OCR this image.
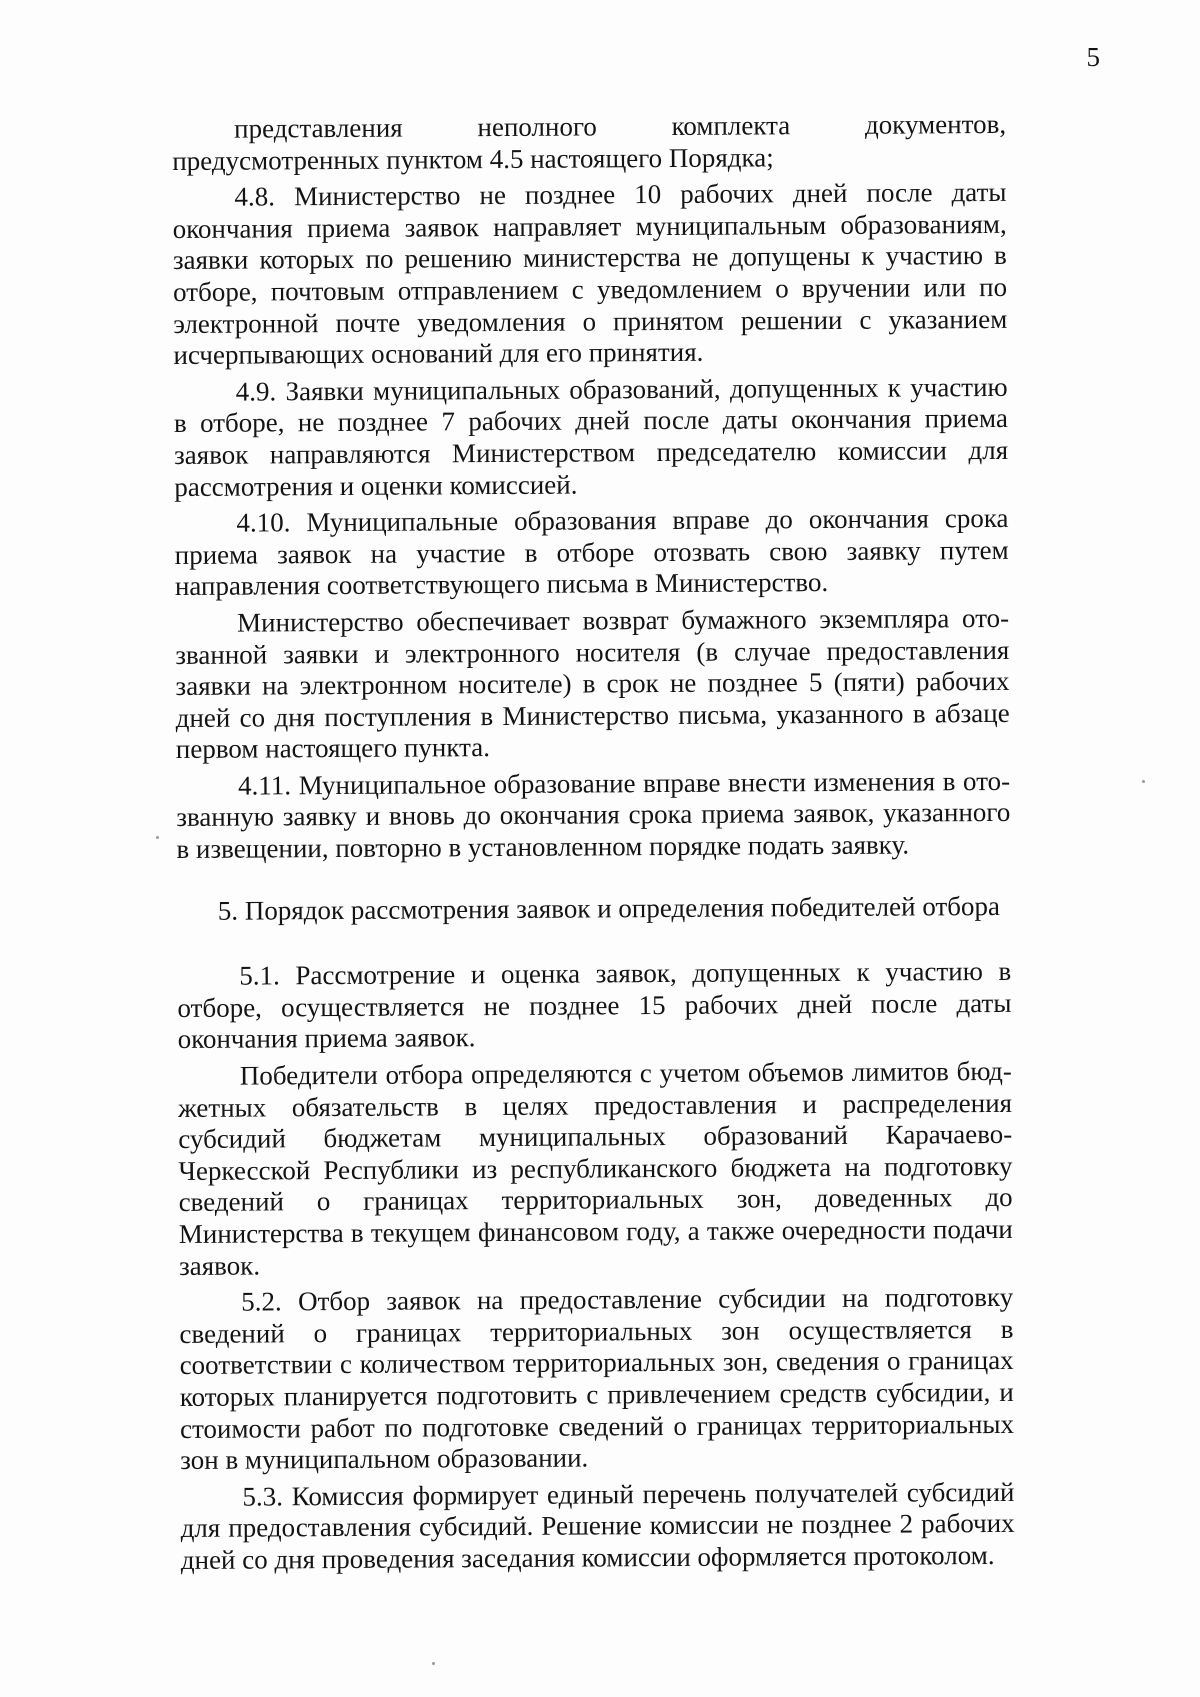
5

представления неполного комплекта документов, предусмотренных пунктом 4.5 настоящего Порядка;

4.8. Министерство не позднее 10 рабочих дней после даты окончания приема заявок направляет муниципальным образованиям, заявки которых по решению министерства не допущены к участию в отборе, почтовым отправлением с уведомлением о вручении или по электронной почте уведомления о принятом решении с указанием исчерпывающих оснований для его принятия.

4.9. Заявки муниципальных образований, допущенных к участию в отборе, не позднее 7 рабочих дней после даты окончания приема заявок направляются Министерством председателю комиссии для рассмотрения и оценки комиссией.

4.10. Муниципальные образования вправе до окончания срока приема заявок на участие в отборе отозвать свою заявку путем направления соответствующего письма в Министерство.

Министерство обеспечивает возврат бумажного экземпляра отозванной заявки и электронного носителя (в случае предоставления заявки на электронном носителе) в срок не позднее 5 (пяти) рабочих дней со дня поступления в Министерство письма, указанного в абзаце первом настоящего пункта.

4.11. Муниципальное образование вправе внести изменения в отозванную заявку и вновь до окончания срока приема заявок, указанного в извещении, повторно в установленном порядке подать заявку.

5. Порядок рассмотрения заявок и определения победителей отбора

5.1. Рассмотрение и оценка заявок, допущенных к участию в отборе, осуществляется не позднее 15 рабочих дней после даты окончания приема заявок.

Победители отбора определяются с учетом объемов лимитов бюджетных обязательств в целях предоставления и распределения субсидий бюджетам муниципальных образований Карачаево-Черкесской Республики из республиканского бюджета на подготовку сведений о границах территориальных зон, доведенных до Министерства в текущем финансовом году, а также очередности подачи заявок.

5.2. Отбор заявок на предоставление субсидии на подготовку сведений о границах территориальных зон осуществляется в соответствии с количеством территориальных зон, сведения о границах которых планируется подготовить с привлечением средств субсидии, и стоимости работ по подготовке сведений о границах территориальных зон в муниципальном образовании.

5.3. Комиссия формирует единый перечень получателей субсидий для предоставления субсидий. Решение комиссии не позднее 2 рабочих дней со дня проведения заседания комиссии оформляется протоколом.
